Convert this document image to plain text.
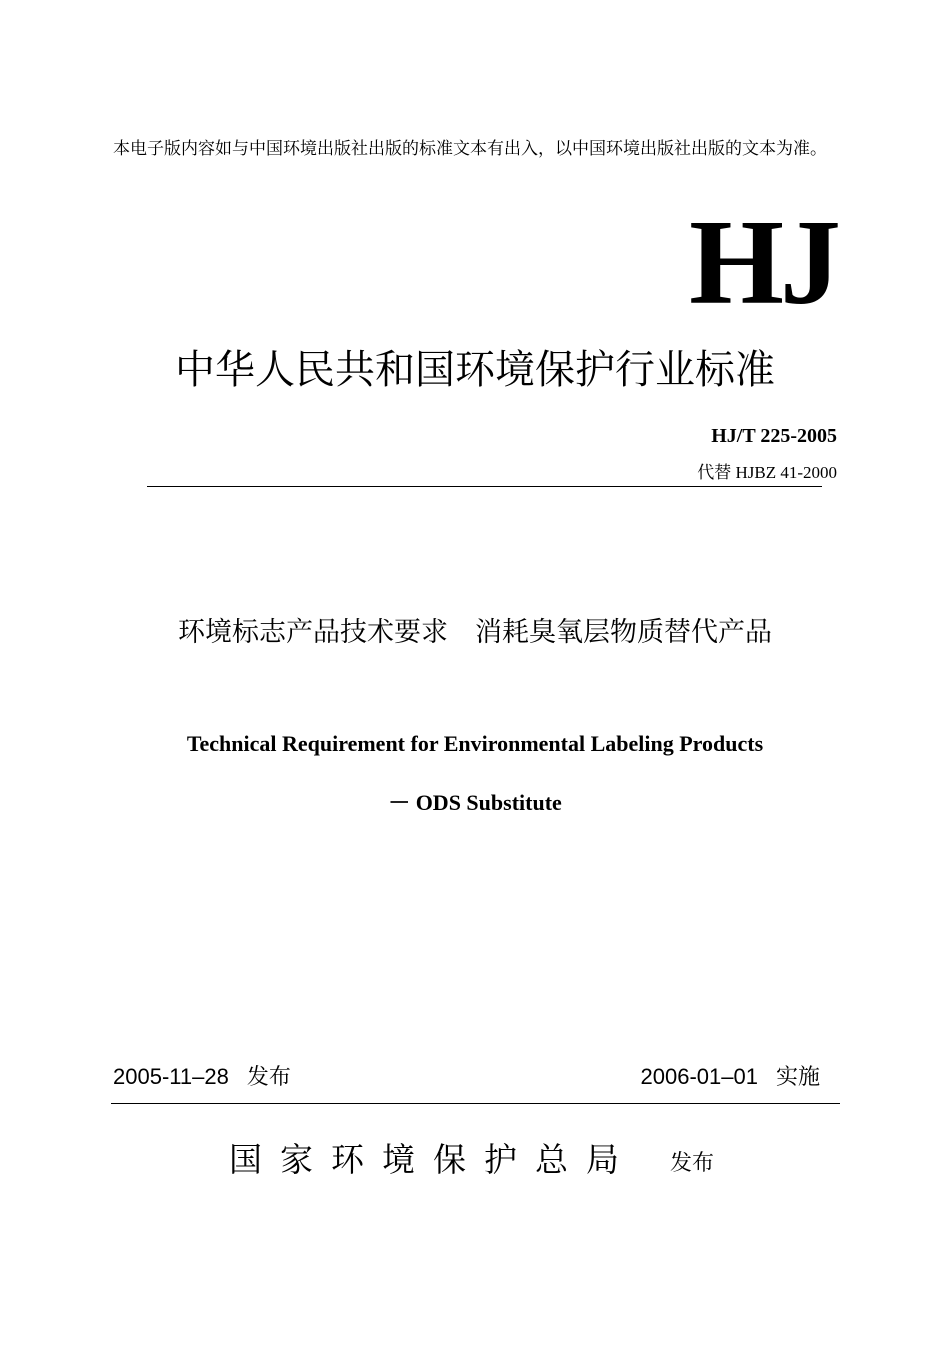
本电子版内容如与中国环境出版社出版的标准文本有出入，以中国环境出版社出版的文本为准。
HJ
中华人民共和国环境保护行业标准
HJ/T 225-2005
代替 HJBZ 41-2000
环境标志产品技术要求　消耗臭氧层物质替代产品
Technical Requirement for Environmental Labeling Products
－ ODS Substitute
2005-11–28 发布	2006-01–01 实施
国家环境保护总局 发布
